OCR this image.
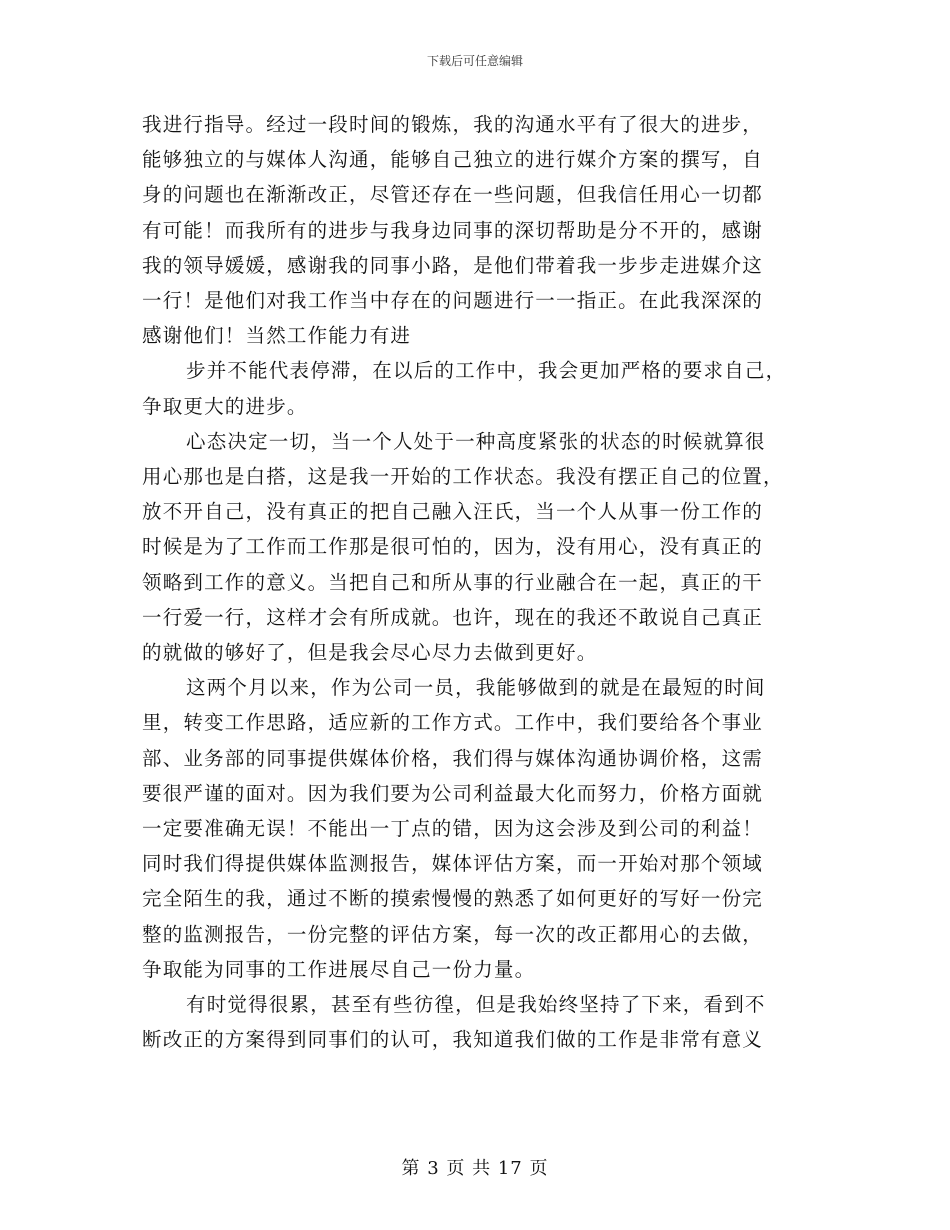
下载后可任意编辑

我进行指导。经过一段时间的锻炼，我的沟通水平有了很大的进步，
能够独立的与媒体人沟通，能够自己独立的进行媒介方案的撰写，自
身的问题也在渐渐改正，尽管还存在一些问题，但我信任用心一切都
有可能！而我所有的进步与我身边同事的深切帮助是分不开的，感谢
我的领导媛媛，感谢我的同事小路，是他们带着我一步步走进媒介这
一行！是他们对我工作当中存在的问题进行一一指正。在此我深深的
感谢他们！当然工作能力有进

步并不能代表停滞，在以后的工作中，我会更加严格的要求自己，
争取更大的进步。

心态决定一切，当一个人处于一种高度紧张的状态的时候就算很
用心那也是白搭，这是我一开始的工作状态。我没有摆正自己的位置，
放不开自己，没有真正的把自己融入汪氏，当一个人从事一份工作的
时候是为了工作而工作那是很可怕的，因为，没有用心，没有真正的
领略到工作的意义。当把自己和所从事的行业融合在一起，真正的干
一行爱一行，这样才会有所成就。也许，现在的我还不敢说自己真正
的就做的够好了，但是我会尽心尽力去做到更好。

这两个月以来，作为公司一员，我能够做到的就是在最短的时间
里，转变工作思路，适应新的工作方式。工作中，我们要给各个事业
部、业务部的同事提供媒体价格，我们得与媒体沟通协调价格，这需
要很严谨的面对。因为我们要为公司利益最大化而努力，价格方面就
一定要准确无误！不能出一丁点的错，因为这会涉及到公司的利益！
同时我们得提供媒体监测报告，媒体评估方案，而一开始对那个领域
完全陌生的我，通过不断的摸索慢慢的熟悉了如何更好的写好一份完
整的监测报告，一份完整的评估方案，每一次的改正都用心的去做，
争取能为同事的工作进展尽自己一份力量。

有时觉得很累，甚至有些彷徨，但是我始终坚持了下来，看到不
断改正的方案得到同事们的认可，我知道我们做的工作是非常有意义

第 3 页 共 17 页
